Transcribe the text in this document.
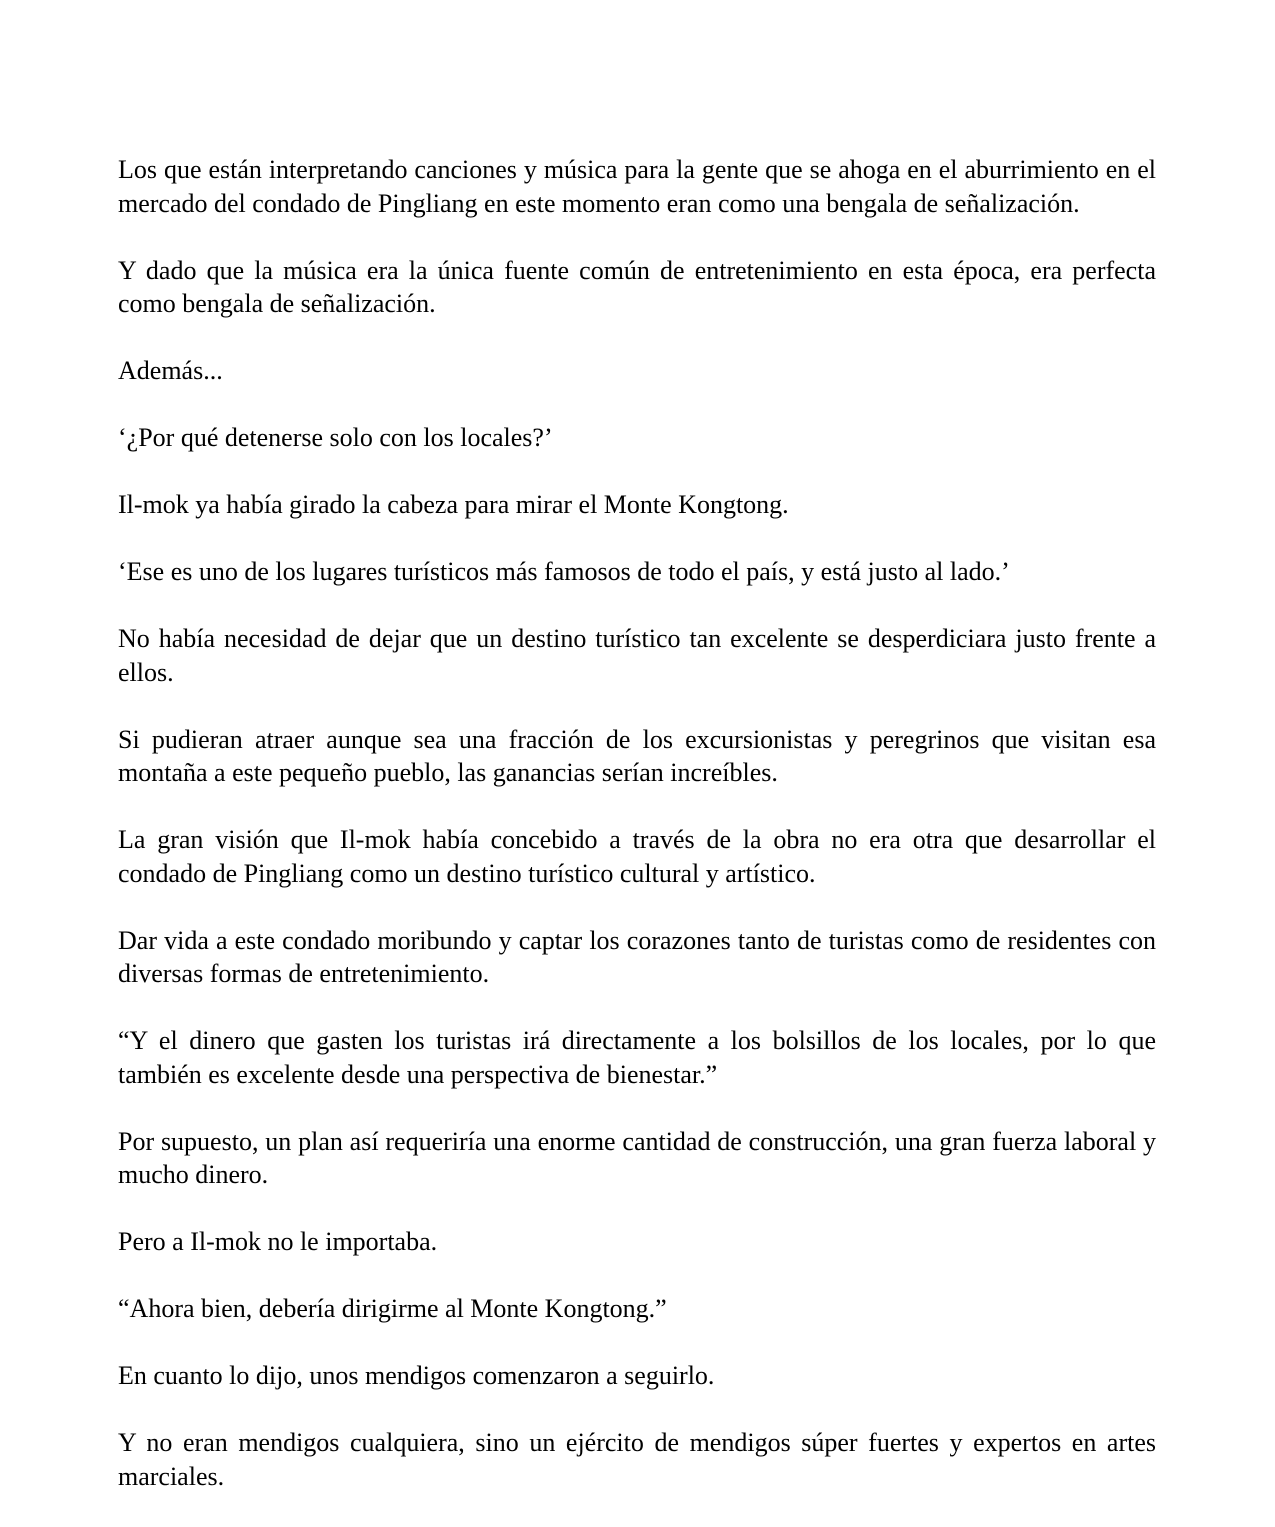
Los que están interpretando canciones y música para la gente que se ahoga en el aburrimiento en el mercado del condado de Pingliang en este momento eran como una bengala de señalización.

Y dado que la música era la única fuente común de entretenimiento en esta época, era perfecta como bengala de señalización.

Además...

‘¿Por qué detenerse solo con los locales?’

Il-mok ya había girado la cabeza para mirar el Monte Kongtong.

‘Ese es uno de los lugares turísticos más famosos de todo el país, y está justo al lado.’

No había necesidad de dejar que un destino turístico tan excelente se desperdiciara justo frente a ellos.

Si pudieran atraer aunque sea una fracción de los excursionistas y peregrinos que visitan esa montaña a este pequeño pueblo, las ganancias serían increíbles.

La gran visión que Il-mok había concebido a través de la obra no era otra que desarrollar el condado de Pingliang como un destino turístico cultural y artístico.

Dar vida a este condado moribundo y captar los corazones tanto de turistas como de residentes con diversas formas de entretenimiento.

“Y el dinero que gasten los turistas irá directamente a los bolsillos de los locales, por lo que también es excelente desde una perspectiva de bienestar.”

Por supuesto, un plan así requeriría una enorme cantidad de construcción, una gran fuerza laboral y mucho dinero.

Pero a Il-mok no le importaba.

“Ahora bien, debería dirigirme al Monte Kongtong.”

En cuanto lo dijo, unos mendigos comenzaron a seguirlo.

Y no eran mendigos cualquiera, sino un ejército de mendigos súper fuertes y expertos en artes marciales.
